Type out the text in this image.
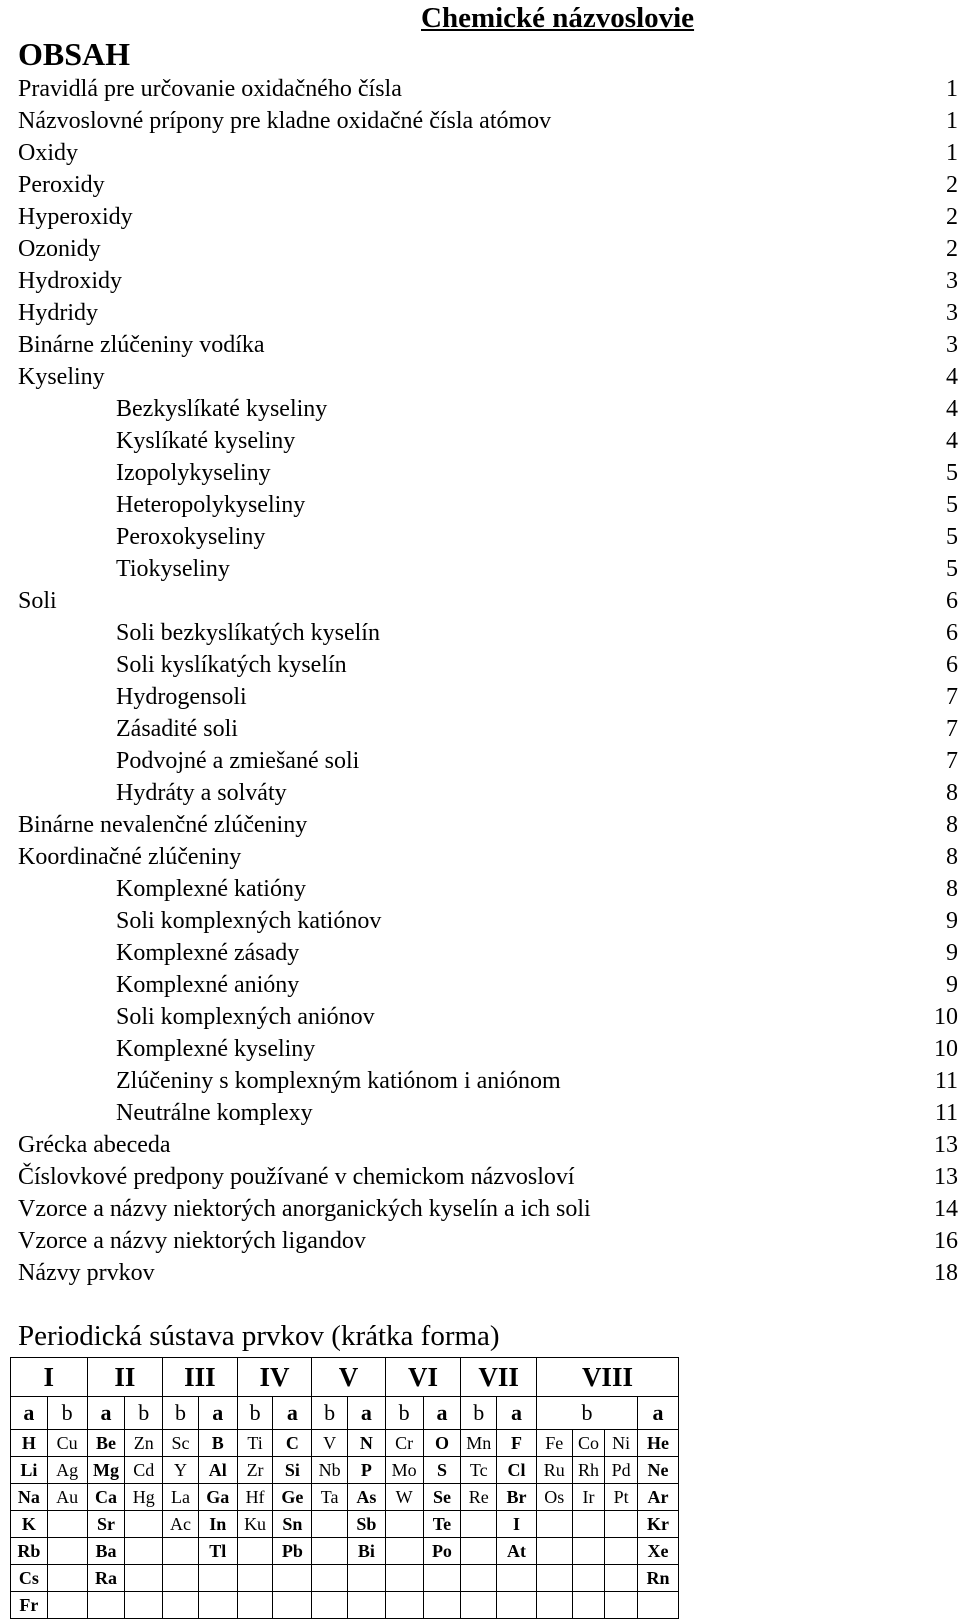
Chemické názvoslovie
OBSAH
Pravidlá pre určovanie oxidačného čísla	1
Názvoslovné prípony pre kladne oxidačné čísla atómov	1
Oxidy	1
Peroxidy	2
Hyperoxidy	2
Ozonidy	2
Hydroxidy	3
Hydridy	3
Binárne zlúčeniny vodíka	3
Kyseliny	4
Bezkyslíkaté kyseliny	4
Kyslíkaté kyseliny	4
Izopolykyseliny	5
Heteropolykyseliny	5
Peroxokyseliny	5
Tiokyseliny	5
Soli	6
Soli bezkyslíkatých kyselín	6
Soli kyslíkatých kyselín	6
Hydrogensoli	7
Zásadité soli	7
Podvojné a zmiešané soli	7
Hydráty a solváty	8
Binárne nevalenčné zlúčeniny	8
Koordinačné zlúčeniny	8
Komplexné katióny	8
Soli komplexných katiónov	9
Komplexné zásady	9
Komplexné anióny	9
Soli komplexných aniónov	10
Komplexné kyseliny	10
Zlúčeniny s komplexným katiónom i aniónom	11
Neutrálne komplexy	11
Grécka abeceda	13
Číslovkové predpony používané v chemickom názvosloví	13
Vzorce a názvy niektorých anorganických kyselín a ich soli	14
Vzorce a názvy niektorých ligandov	16
Názvy prvkov	18
Periodická sústava prvkov (krátka forma)
I		II		III		IV		V		VI		VII		VIII			
a	b	a	b	b	a	b	a	b	a	b	a	b	a	b			a
H	Cu	Be	Zn	Sc	B	Ti	C	V	N	Cr	O	Mn	F	Fe	Co	Ni	He
Li	Ag	Mg	Cd	Y	Al	Zr	Si	Nb	P	Mo	S	Tc	Cl	Ru	Rh	Pd	Ne
Na	Au	Ca	Hg	La	Ga	Hf	Ge	Ta	As	W	Se	Re	Br	Os	Ir	Pt	Ar
K		Sr		Ac	In	Ku	Sn		Sb		Te		I				Kr
Rb		Ba			Tl		Pb		Bi		Po		At				Xe
Cs		Ra															Rn
Fr																	
